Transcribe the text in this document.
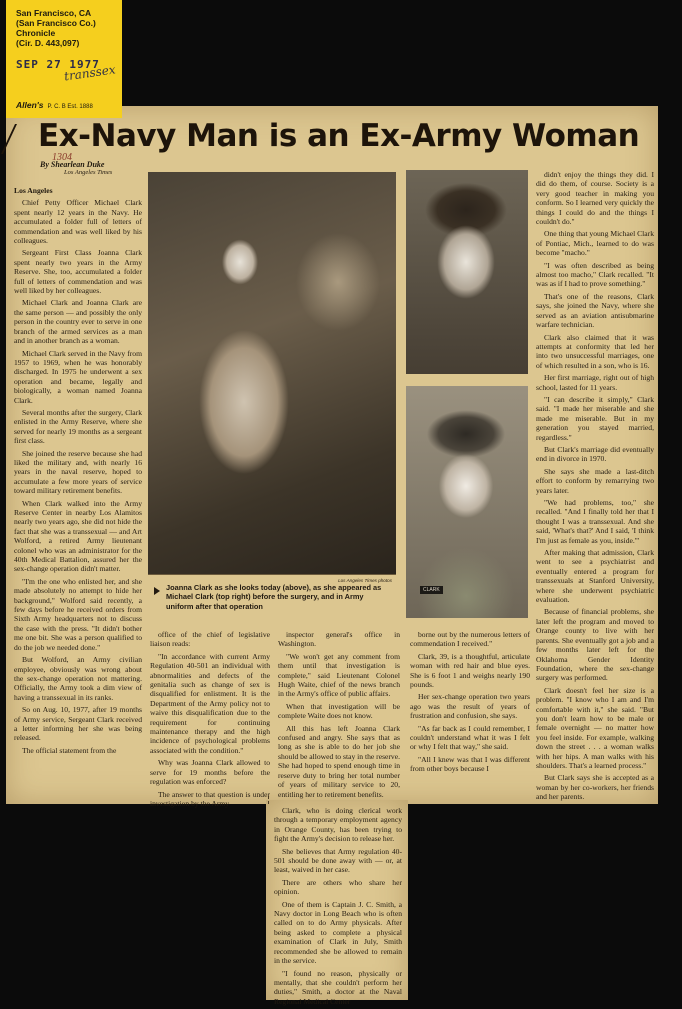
San Francisco, CA
(San Francisco Co.)
Chronicle
(Cir. D. 443,097)
SEP 27 1977
transsex
Allen's P. C. B Est. 1888
Ex-Navy Man is an Ex-Army Woman
By Shearlean Duke
Los Angeles Times
1304

Los Angeles

Chief Petty Officer Michael Clark spent nearly 12 years in the Navy. He accumulated a folder full of letters of commendation and was well liked by his colleagues.

Sergeant First Class Joanna Clark spent nearly two years in the Army Reserve. She, too, accumulated a folder full of letters of commendation and was well liked by her colleagues.

Michael Clark and Joanna Clark are the same person — and possibly the only person in the country ever to serve in one branch of the armed services as a man and in another branch as a woman.

Michael Clark served in the Navy from 1957 to 1969, when he was honorably discharged. In 1975 he underwent a sex operation and became, legally and biologically, a woman named Joanna Clark.

Several months after the surgery, Clark enlisted in the Army Reserve, where she served for nearly 19 months as a sergeant first class.

She joined the reserve because she had liked the military and, with nearly 16 years in the naval reserve, hoped to accumulate a few more years of service toward military retirement benefits.

When Clark walked into the Army Reserve Center in nearby Los Alamitos nearly two years ago, she did not hide the fact that she was a transsexual — and Art Wolford, a retired Army lieutenant colonel who was an administrator for the 40th Medical Battalion, assured her the sex-change operation didn't matter.

"I'm the one who enlisted her, and she made absolutely no attempt to hide her background," Wolford said recently, a few days before he received orders from Sixth Army headquarters not to discuss the case with the press. "It didn't bother me one bit. She was a person qualified to do the job we needed done."

But Wolford, an Army civilian employee, obviously was wrong about the sex-change operation not mattering. Officially, the Army took a dim view of having a transsexual in its ranks.

So on Aug. 10, 1977, after 19 months of Army service, Sergeant Clark received a letter informing her she was being released.

The official statement from the

office of the chief of legislative liaison reads:

"In accordance with current Army Regulation 40-501 an individual with abnormalities and defects of the genitalia such as change of sex is disqualified for enlistment. It is the Department of the Army policy not to waive this disqualification due to the requirement for continuing maintenance therapy and the high incidence of psychological problems associated with the condition."

Why was Joanna Clark allowed to serve for 19 months before the regulation was enforced?

The answer to that question is under investigation by the Army

inspector general's office in Washington.

"We won't get any comment from them until that investigation is complete," said Lieutenant Colonel Hugh Waite, chief of the news branch in the Army's office of public affairs.

When that investigation will be complete Waite does not know.

All this has left Joanna Clark confused and angry. She says that as long as she is able to do her job she should be allowed to stay in the reserve. She had hoped to spend enough time in reserve duty to bring her total number of years of military service to 20, entitling her to retirement benefits.

Clark, who is doing clerical work through a temporary employment agency in Orange County, has been trying to fight the Army's decision to release her.

She believes that Army regulation 40-501 should be done away with — or, at least, waived in her case.

There are others who share her opinion.

One of them is Captain J. C. Smith, a Navy doctor in Long Beach who is often called on to do Army physicals. After being asked to complete a physical examination of Clark in July, Smith recommended she be allowed to remain in the service.

"I found no reason, physically or mentally, that she couldn't perform her duties," Smith, a doctor at the Naval Regional Medical Center

borne out by the numerous letters of commendation I received."

Clark, 39, is a thoughtful, articulate woman with red hair and blue eyes. She is 6 foot 1 and weighs nearly 190 pounds.

Her sex-change operation two years ago was the result of years of frustration and confusion, she says.

"As far back as I could remember, I couldn't understand what it was I felt or why I felt that way," she said.

"All I knew was that I was different from other boys because I

didn't enjoy the things they did. I did do them, of course. Society is a very good teacher in making you conform. So I learned very quickly the things I could do and the things I couldn't do."

One thing that young Michael Clark of Pontiac, Mich., learned to do was become "macho."

"I was often described as being almost too macho," Clark recalled. "It was as if I had to prove something."

That's one of the reasons, Clark says, she joined the Navy, where she served as an aviation antisubmarine warfare technician.

Clark also claimed that it was attempts at conformity that led her into two unsuccessful marriages, one of which resulted in a son, who is 16.

Her first marriage, right out of high school, lasted for 11 years.

"I can describe it simply," Clark said. "I made her miserable and she made me miserable. But in my generation you stayed married, regardless."

But Clark's marriage did eventually end in divorce in 1970.

She says she made a last-ditch effort to conform by remarrying two years later.

"We had problems, too," she recalled. "And I finally told her that I thought I was a transsexual. And she said, 'What's that?' And I said, 'I think I'm just as female as you, inside.'"

After making that admission, Clark went to see a psychiatrist and eventually entered a program for transsexuals at Stanford University, where she underwent psychiatric evaluation.

Because of financial problems, she later left the program and moved to Orange county to live with her parents. She eventually got a job and a few months later left for the Oklahoma Gender Identity Foundation, where the sex-change surgery was performed.

Clark doesn't feel her size is a problem. "I know who I am and I'm comfortable with it," she said. "But you don't learn how to be male or female overnight — no matter how you feel inside. For example, walking down the street . . . a woman walks with her hips. A man walks with his shoulders. That's a learned process."

But Clark says she is accepted as a woman by her co-workers, her friends and her parents.

CLARK
Los Angeles Times photos
Joanna Clark as she looks today (above), as she appeared as Michael Clark (top right) before the surgery, and in Army uniform after that operation
